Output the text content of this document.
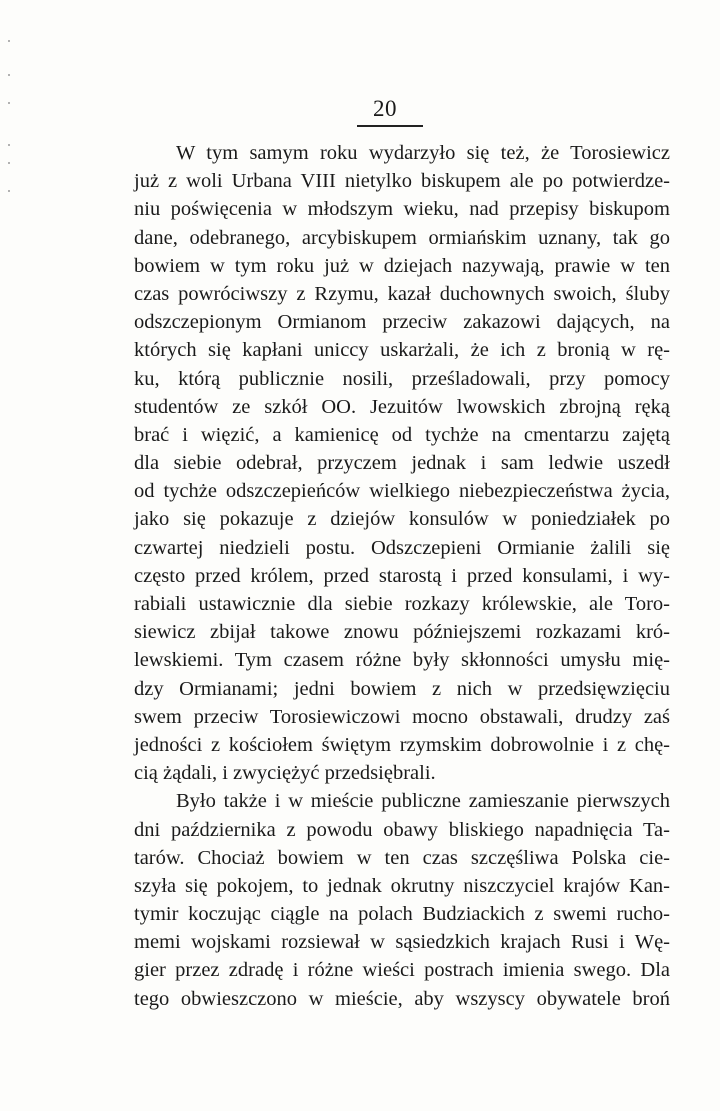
20
W tym samym roku wydarzyło się też, że Torosiewicz
już z woli Urbana VIII nietylko biskupem ale po potwierdze-
niu poświęcenia w młodszym wieku, nad przepisy biskupom
dane, odebranego, arcybiskupem ormiańskim uznany, tak go
bowiem w tym roku już w dziejach nazywają, prawie w ten
czas powróciwszy z Rzymu, kazał duchownych swoich, śluby
odszczepionym Ormianom przeciw zakazowi dających, na
których się kapłani uniccy uskarżali, że ich z bronią w rę-
ku, którą publicznie nosili, prześladowali, przy pomocy
studentów ze szkół OO. Jezuitów lwowskich zbrojną ręką
brać i więzić, a kamienicę od tychże na cmentarzu zajętą
dla siebie odebrał, przyczem jednak i sam ledwie uszedł
od tychże odszczepieńców wielkiego niebezpieczeństwa życia,
jako się pokazuje z dziejów konsulów w poniedziałek po
czwartej niedzieli postu. Odszczepieni Ormianie żalili się
często przed królem, przed starostą i przed konsulami, i wy-
rabiali ustawicznie dla siebie rozkazy królewskie, ale Toro-
siewicz zbijał takowe znowu późniejszemi rozkazami kró-
lewskiemi. Tym czasem różne były skłonności umysłu mię-
dzy Ormianami; jedni bowiem z nich w przedsięwzięciu
swem przeciw Torosiewiczowi mocno obstawali, drudzy zaś
jedności z kościołem świętym rzymskim dobrowolnie i z chę-
cią żądali, i zwyciężyć przedsiębrali.
Było także i w mieście publiczne zamieszanie pierwszych
dni października z powodu obawy bliskiego napadnięcia Ta-
tarów. Chociaż bowiem w ten czas szczęśliwa Polska cie-
szyła się pokojem, to jednak okrutny niszczyciel krajów Kan-
tymir koczując ciągle na polach Budziackich z swemi rucho-
memi wojskami rozsiewał w sąsiedzkich krajach Rusi i Wę-
gier przez zdradę i różne wieści postrach imienia swego. Dla
tego obwieszczono w mieście, aby wszyscy obywatele broń
